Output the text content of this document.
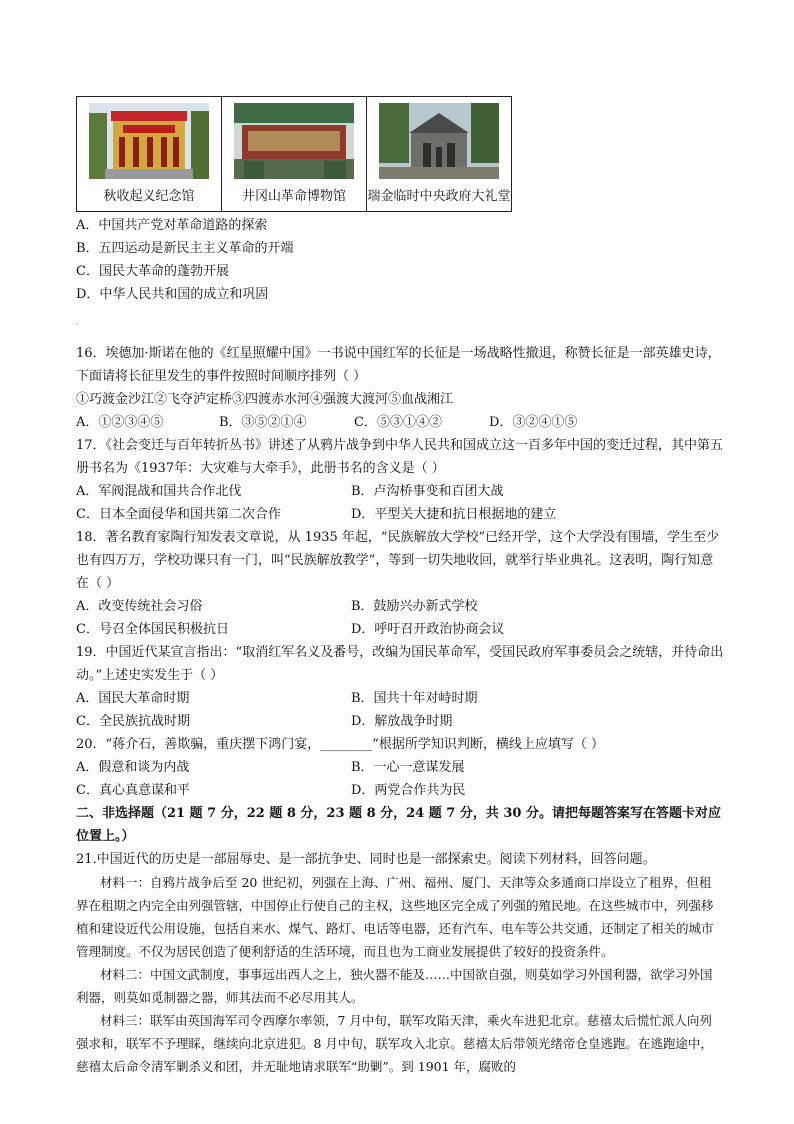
秋收起义纪念馆	井冈山革命博物馆 瑞金临时中央政府大礼堂
A．中国共产党对革命道路的探索
B．五四运动是新民主主义革命的开端
C．国民大革命的蓬勃开展
D．中华人民共和国的成立和巩固
.
16．埃德加·斯诺在他的《红星照耀中国》一书说中国红军的长征是一场战略性撤退，称赞长征是一部英雄史诗，下面请将长征里发生的事件按照时间顺序排列（ ）
①巧渡金沙江②飞夺泸定桥③四渡赤水河④强渡大渡河⑤血战湘江
A．①②③④⑤	B．③⑤②①④	C．⑤③①④②	D．③②④①⑤
17．《社会变迁与百年转折丛书》讲述了从鸦片战争到中华人民共和国成立这一百多年中国的变迁过程，其中第五册书名为《1937年：大灾难与大牵手》，此册书名的含义是（ ）
A．军阀混战和国共合作北伐	B．卢沟桥事变和百团大战
C．日本全面侵华和国共第二次合作	D．平型关大捷和抗日根据地的建立
18．著名教育家陶行知发表文章说，从 1935 年起，“民族解放大学校”已经开学，这个大学没有围墙，学生至少也有四万万，学校功课只有一门，叫“民族解放教学”，等到一切失地收回，就举行毕业典礼。这表明，陶行知意在（ ）
A．改变传统社会习俗	B．鼓励兴办新式学校
C．号召全体国民积极抗日	D．呼吁召开政治协商会议
19．中国近代某宣言指出：“取消红军名义及番号，改编为国民革命军，受国民政府军事委员会之统辖，并待命出动。”上述史实发生于（ ）
A．国民大革命时期	B．国共十年对峙时期
C．全民族抗战时期	D．解放战争时期
20．“蒋介石，善欺骗，重庆摆下鸿门宴，________”根据所学知识判断，横线上应填写（ ）
A．假意和谈为内战	B．一心一意谋发展
C．真心真意谋和平	D．两党合作共为民
二、非选择题（21 题 7 分，22 题 8 分，23 题 8 分，24 题 7 分，共 30 分。请把每题答案写在答题卡对应位置上。）
21.中国近代的历史是一部屈辱史、是一部抗争史、同时也是一部探索史。阅读下列材料，回答问题。
材料一：自鸦片战争后至 20 世纪初，列强在上海、广州、福州、厦门、天津等众多通商口岸设立了租界，但租界在租期之内完全由列强管辖，中国停止行使自己的主权，这些地区完全成了列强的殖民地。在这些城市中，列强移植和建设近代公用设施，包括自来水、煤气、路灯、电话等电器，还有汽车、电车等公共交通，还制定了相关的城市管理制度。不仅为居民创造了便利舒适的生活环境，而且也为工商业发展提供了较好的投资条件。
材料二：中国文武制度，事事远出西人之上，独火器不能及……中国欲自强，则莫如学习外国利器，欲学习外国利器，则莫如觅制器之器，师其法而不必尽用其人。
材料三：联军由英国海军司令西摩尔率领，7 月中旬，联军攻陷天津，乘火车进犯北京。慈禧太后慌忙派人向列强求和，联军不予理睬，继续向北京进犯。8 月中旬，联军攻入北京。慈禧太后带领光绪帝仓皇逃跑。在逃跑途中，慈禧太后命令清军剿杀义和团，并无耻地请求联军“助剿”。到 1901 年，腐败的
